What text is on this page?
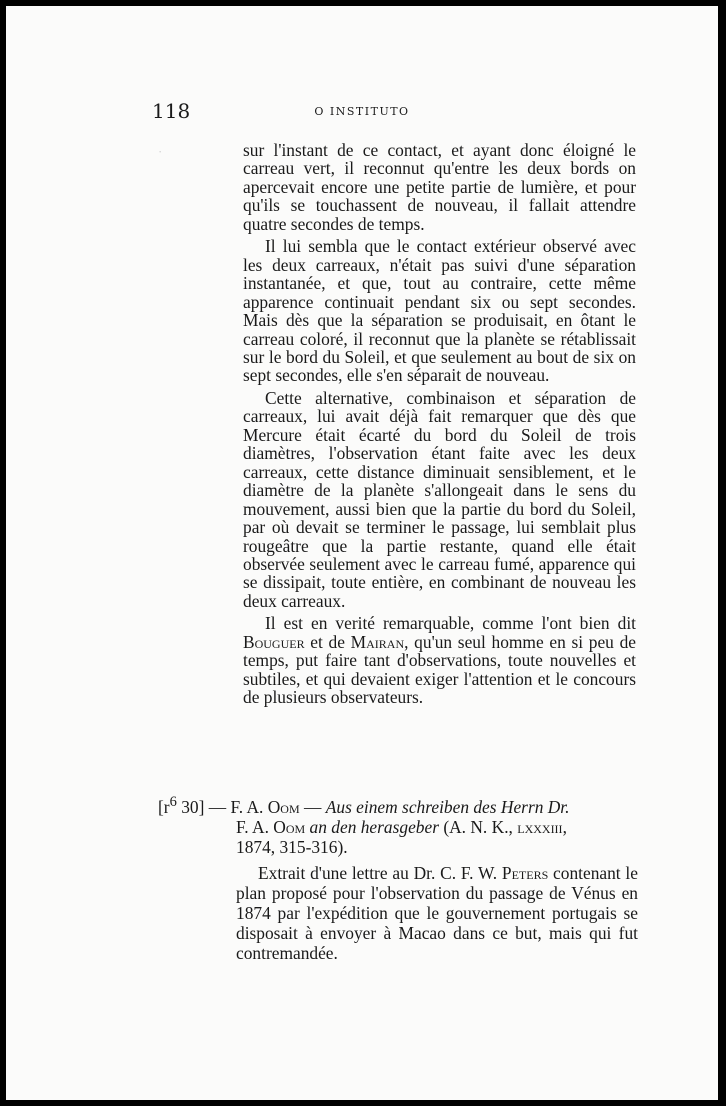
118	O INSTITUTO
·	sur l'instant de ce contact, et ayant donc éloigné le carreau vert, il reconnut qu'entre les deux bords on apercevait encore une petite partie de lumière, et pour qu'ils se touchassent de nouveau, il fallait attendre quatre secondes de temps.

Il lui sembla que le contact extérieur observé avec les deux carreaux, n'était pas suivi d'une séparation instantanée, et que, tout au contraire, cette même apparence continuait pendant six ou sept secondes. Mais dès que la séparation se produisait, en ôtant le carreau coloré, il reconnut que la planète se rétablissait sur le bord du Soleil, et que seulement au bout de six on sept secondes, elle s'en séparait de nouveau.

Cette alternative, combinaison et séparation de carreaux, lui avait déjà fait remarquer que dès que Mercure était écarté du bord du Soleil de trois diamètres, l'observation étant faite avec les deux carreaux, cette distance diminuait sensiblement, et le diamètre de la planète s'allongeait dans le sens du mouvement, aussi bien que la partie du bord du Soleil, par où devait se terminer le passage, lui semblait plus rougeâtre que la partie restante, quand elle était observée seulement avec le carreau fumé, apparence qui se dissipait, toute entière, en combinant de nouveau les deux carreaux.

Il est en verité remarquable, comme l'ont bien dit Bouguer et de Mairan, qu'un seul homme en si peu de temps, put faire tant d'observations, toute nouvelles et subtiles, et qui devaient exiger l'attention et le concours de plusieurs observateurs.

[$r^6$ 30] — F. A. Oom — Aus einem schreiben des Herrn Dr.
F. A. Oom an den herasgeber (A. N. K., lxxxiii,
1874, 315-316).

Extrait d'une lettre au Dr. C. F. W. Peters contenant le plan proposé pour l'observation du passage de Vénus en 1874 par l'expédition que le gouvernement portugais se disposait à envoyer à Macao dans ce but, mais qui fut contremandée.
